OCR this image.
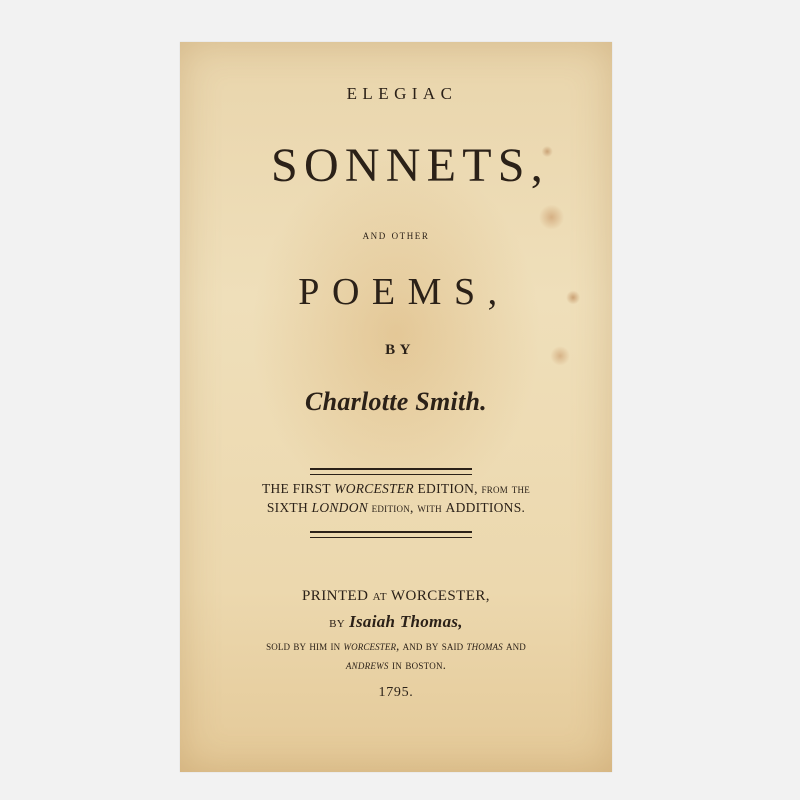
ELEGIAC
SONNETS,
and other
POEMS,
BY
Charlotte Smith.
THE FIRST WORCESTER EDITION, from the
SIXTH LONDON edition, with ADDITIONS.
PRINTED at WORCESTER,
by Isaiah Thomas,
sold by him in worcester, and by said thomas and
andrews in boston.
1795.
